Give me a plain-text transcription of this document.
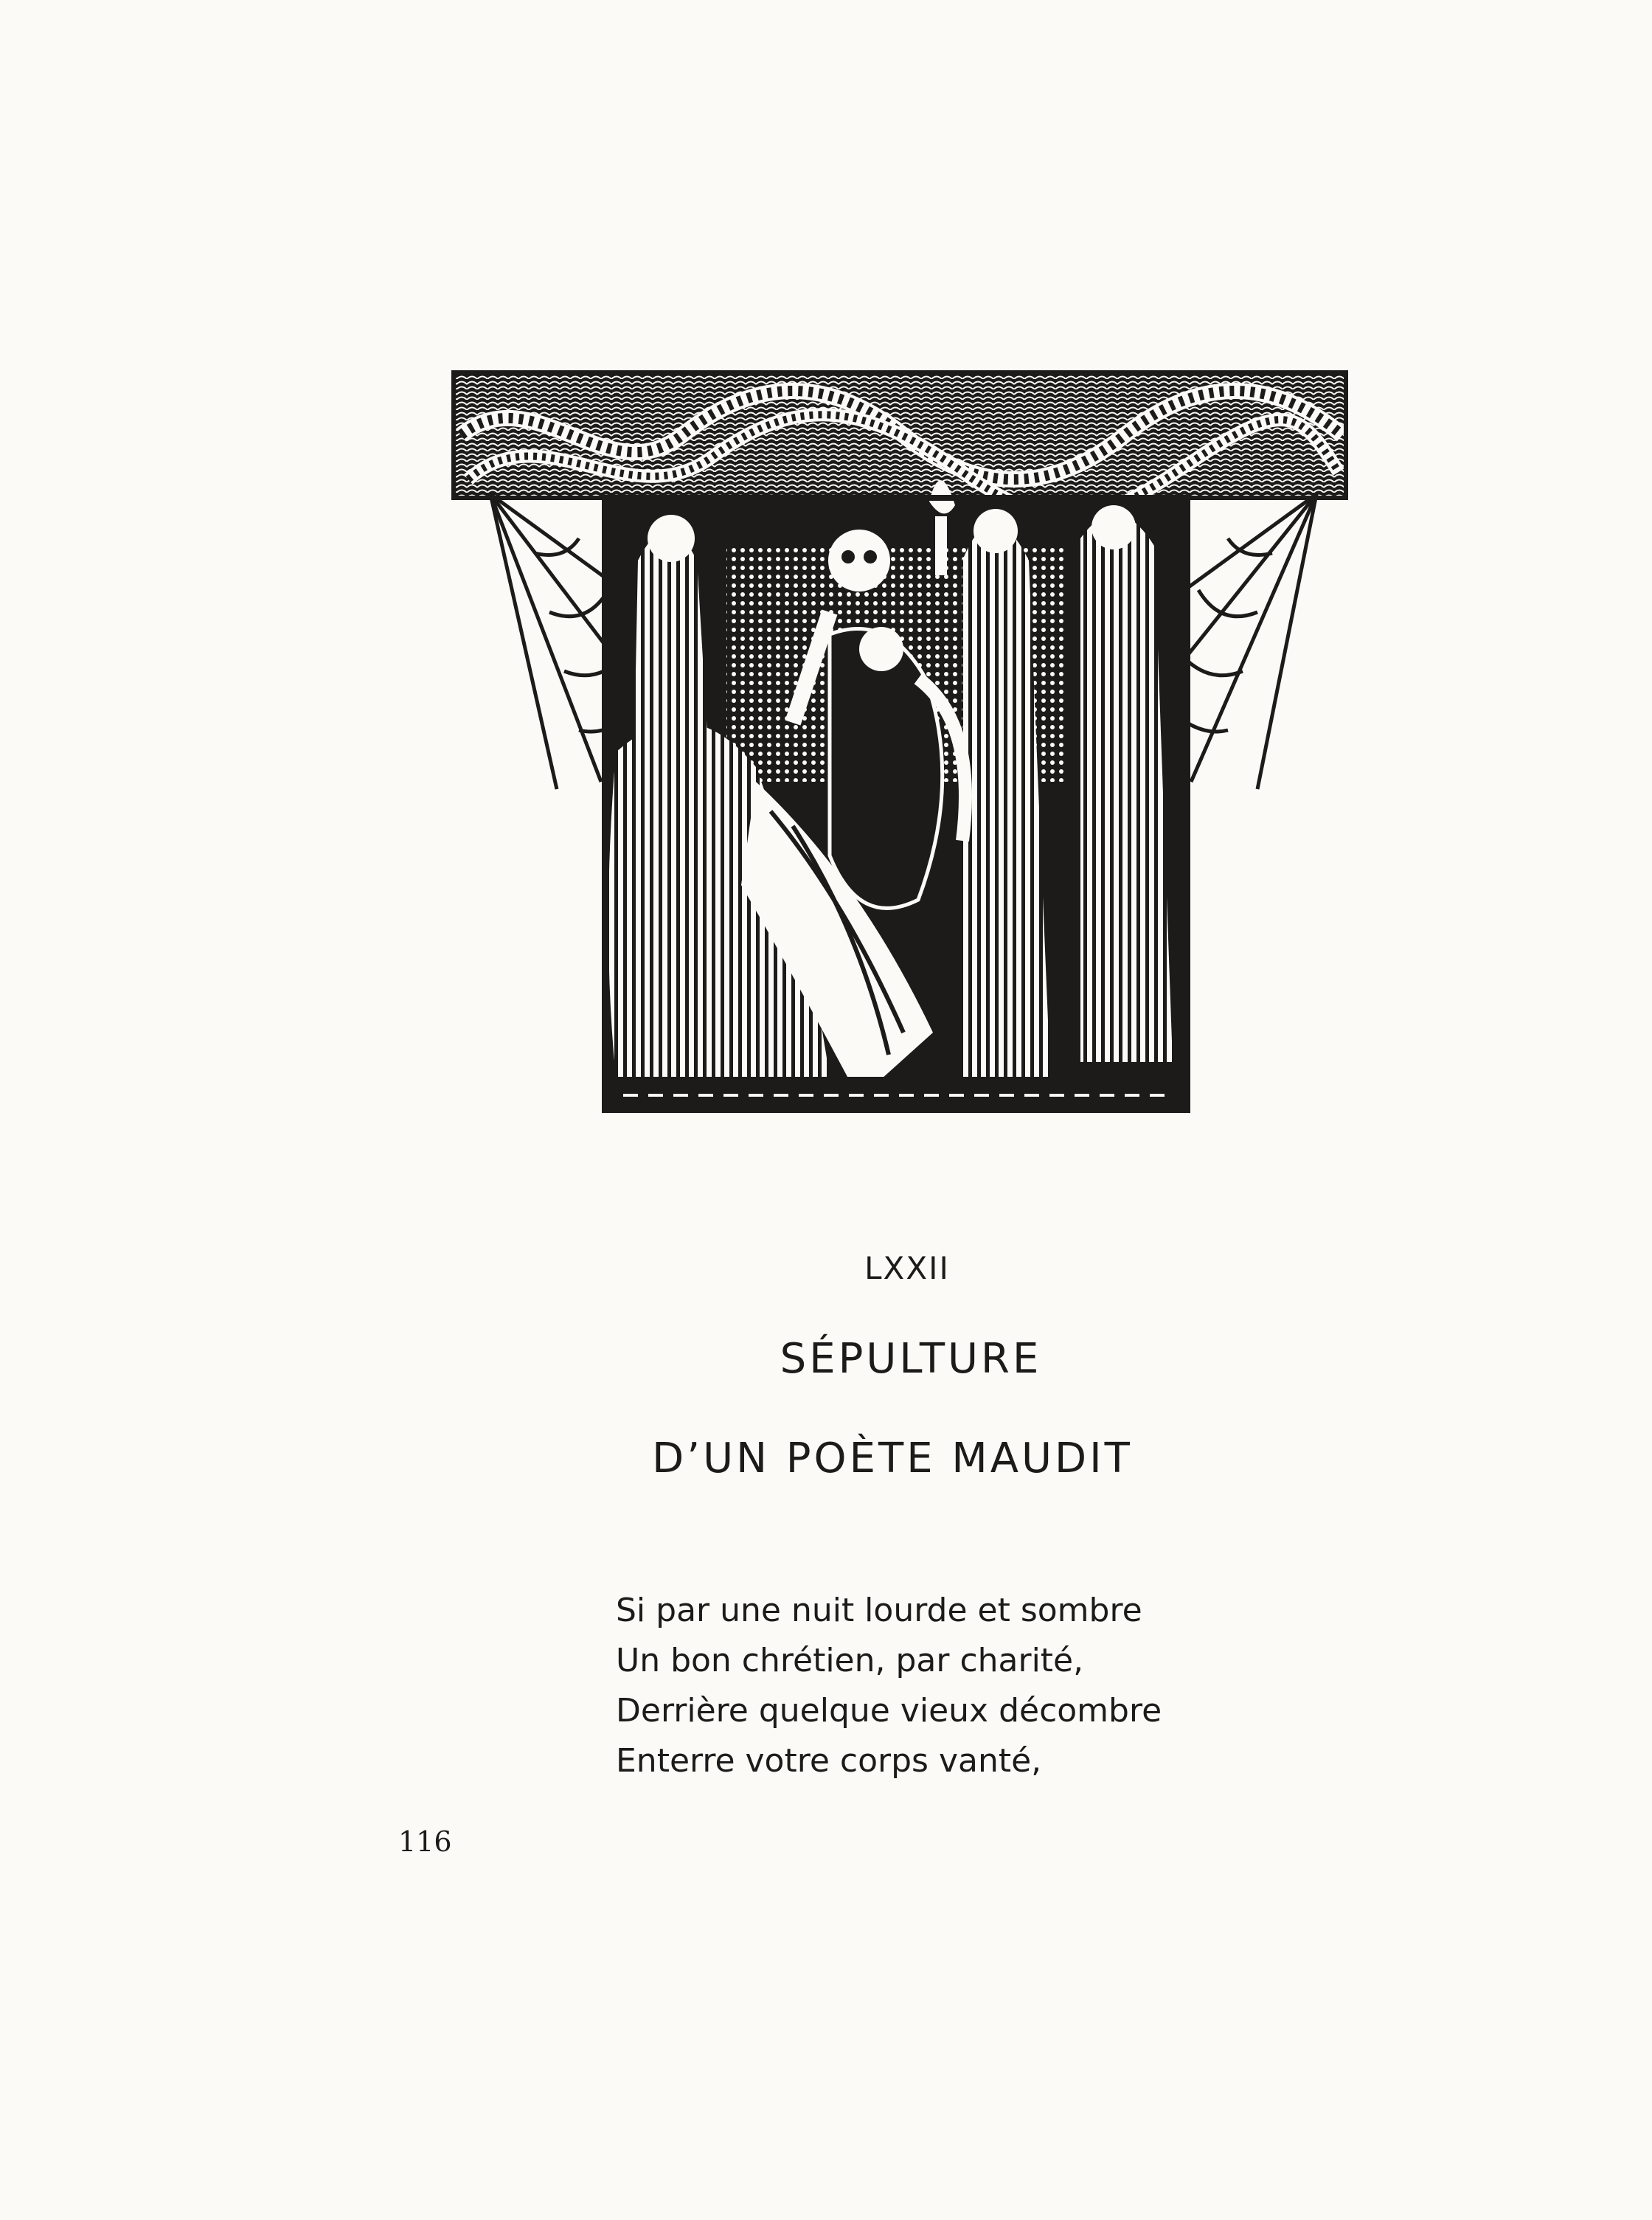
LXXII
SÉPULTURE
D’UN POÈTE MAUDIT
Si par une nuit lourde et sombre
Un bon chrétien, par charité,
Derrière quelque vieux décombre
Enterre votre corps vanté,
116
